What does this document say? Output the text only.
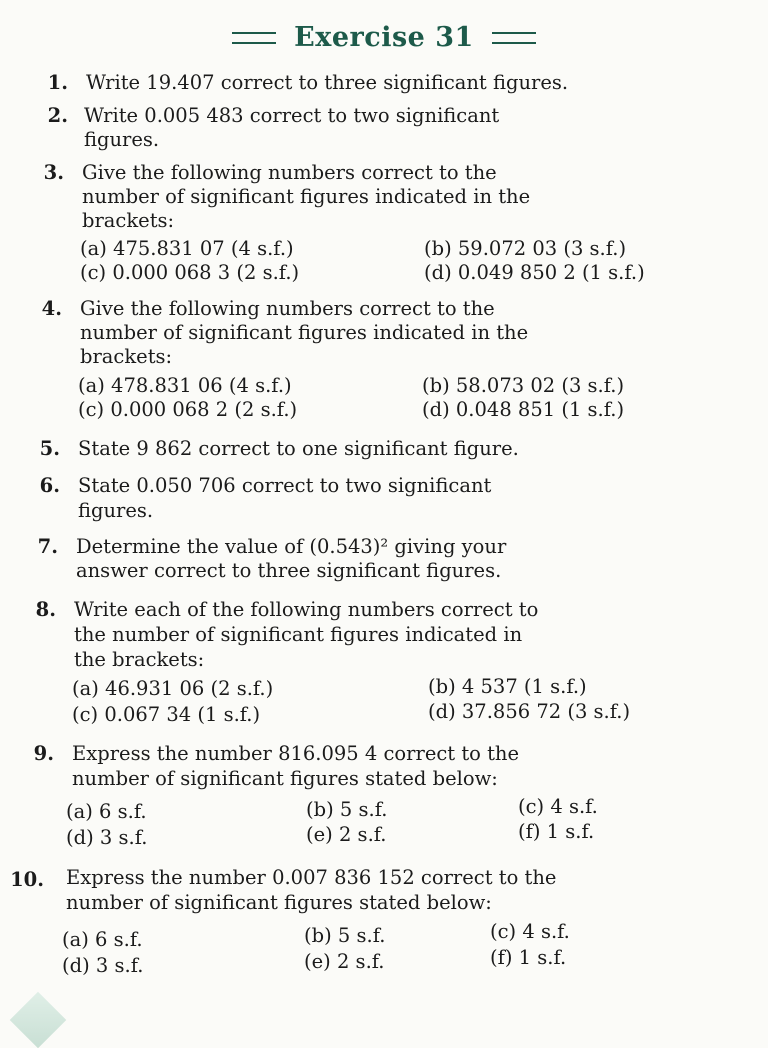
Exercise 31
1. Write 19.407 correct to three significant figures.
2. Write 0.005 483 correct to two significant
figures.
3. Give the following numbers correct to the
number of significant figures indicated in the
brackets:
(a) 475.831 07 (4 s.f.)	(b) 59.072 03 (3 s.f.)
(c) 0.000 068 3 (2 s.f.)	(d) 0.049 850 2 (1 s.f.)
4. Give the following numbers correct to the
number of significant figures indicated in the
brackets:
(a) 478.831 06 (4 s.f.)	(b) 58.073 02 (3 s.f.)
(c) 0.000 068 2 (2 s.f.)	(d) 0.048 851 (1 s.f.)
5. State 9 862 correct to one significant figure.
6. State 0.050 706 correct to two significant
figures.
7. Determine the value of (0.543)² giving your
answer correct to three significant figures.
8. Write each of the following numbers correct to
the number of significant figures indicated in
the brackets:
(a) 46.931 06 (2 s.f.)	(b) 4 537 (1 s.f.)
(c) 0.067 34 (1 s.f.)	(d) 37.856 72 (3 s.f.)
9. Express the number 816.095 4 correct to the
number of significant figures stated below:
(a) 6 s.f.	(b) 5 s.f.	(c) 4 s.f.
(d) 3 s.f.	(e) 2 s.f.	(f) 1 s.f.
10. Express the number 0.007 836 152 correct to the
number of significant figures stated below:
(a) 6 s.f.	(b) 5 s.f.	(c) 4 s.f.
(d) 3 s.f.	(e) 2 s.f.	(f) 1 s.f.
